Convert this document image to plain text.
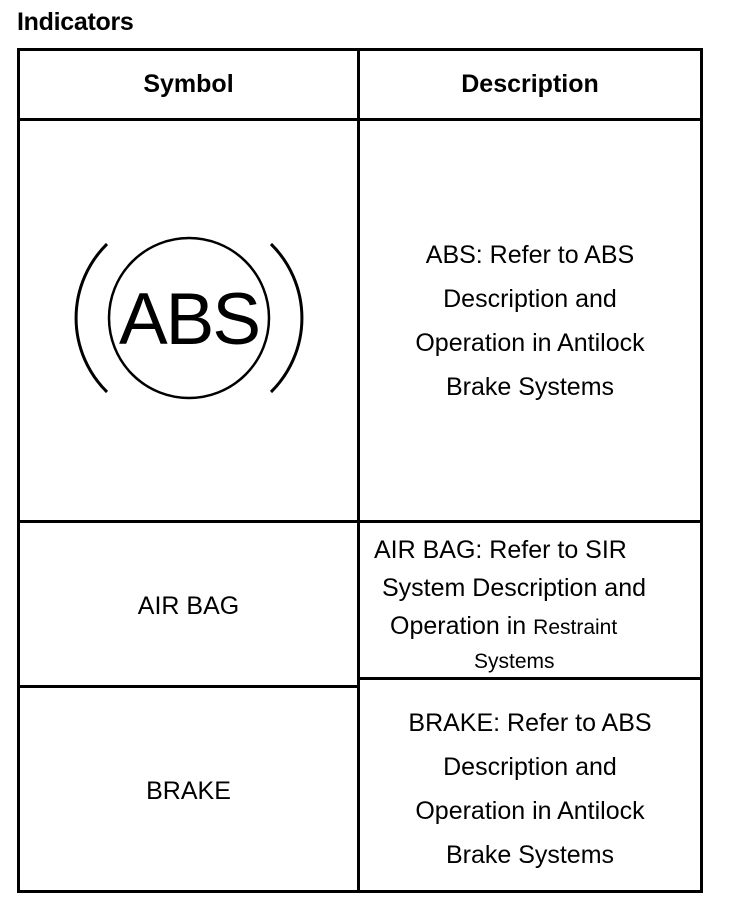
Indicators
Symbol	Description
ABS
ABS: Refer to ABS
Description and
Operation in Antilock
Brake Systems
AIR BAG
AIR BAG: Refer to SIR
System Description and
Operation in Restraint
Systems
BRAKE
BRAKE: Refer to ABS
Description and
Operation in Antilock
Brake Systems
